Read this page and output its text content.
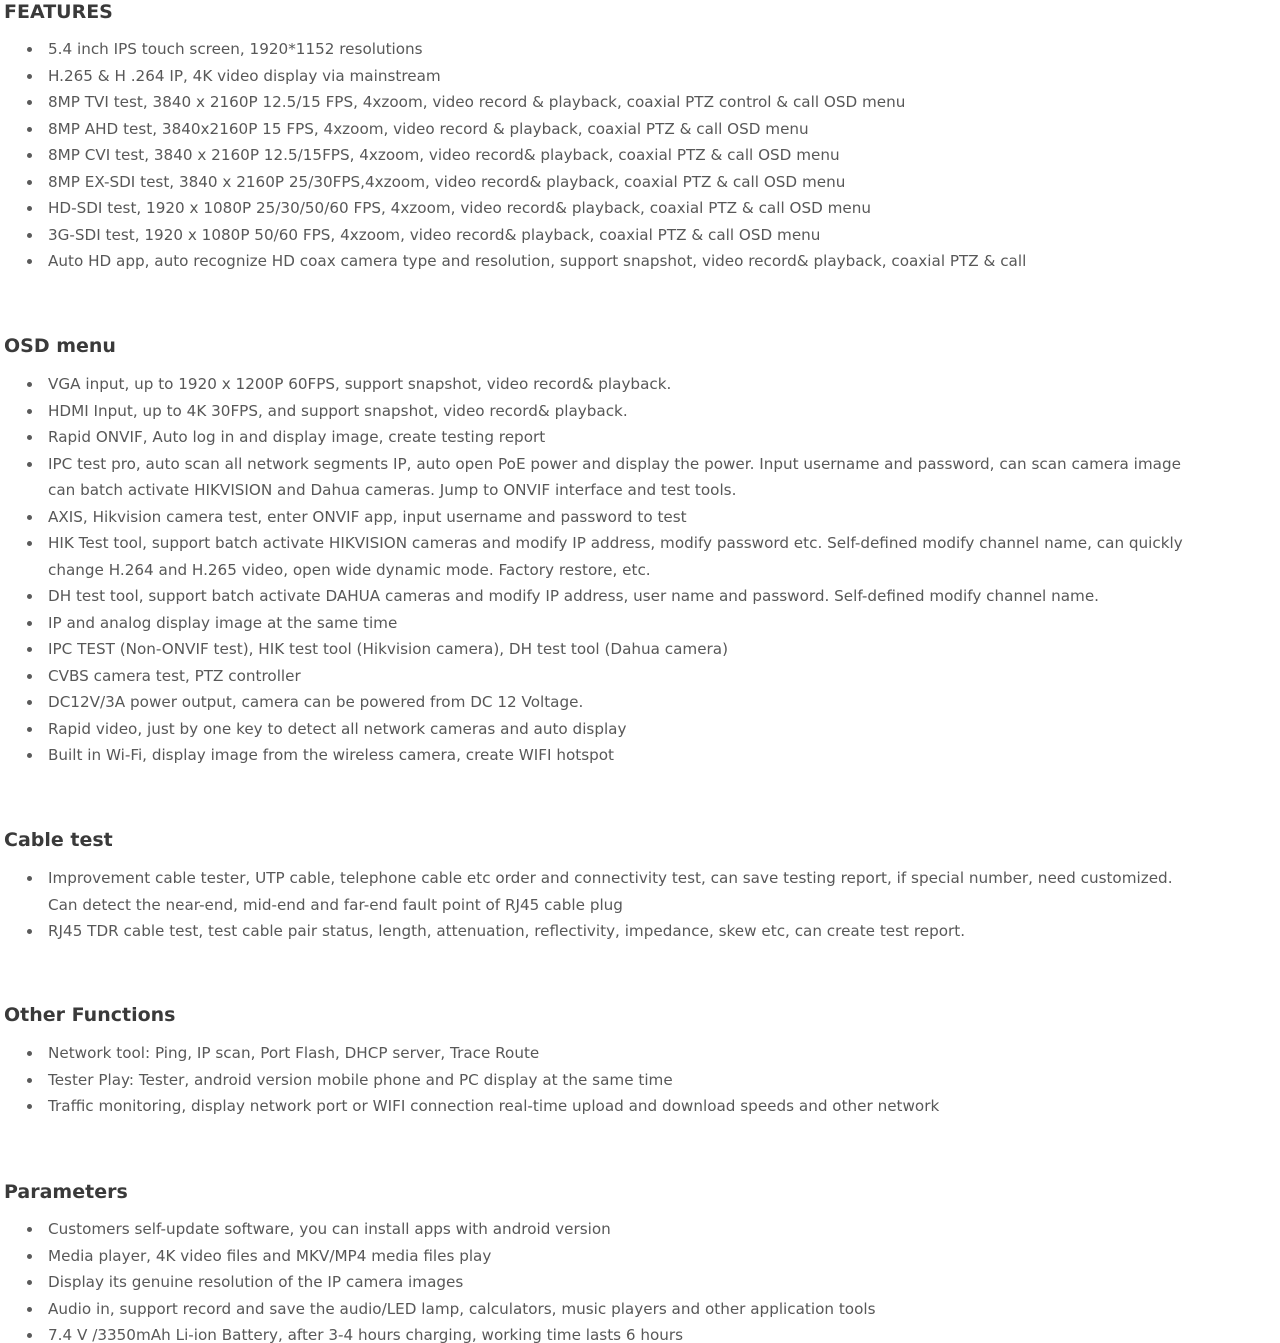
FEATURES
5.4 inch IPS touch screen, 1920*1152 resolutions
H.265 & H .264 IP, 4K video display via mainstream
8MP TVI test, 3840 x 2160P 12.5/15 FPS, 4xzoom, video record & playback, coaxial PTZ control & call OSD menu
8MP AHD test, 3840x2160P 15 FPS, 4xzoom, video record & playback, coaxial PTZ & call OSD menu
8MP CVI test, 3840 x 2160P 12.5/15FPS, 4xzoom, video record& playback, coaxial PTZ & call OSD menu
8MP EX-SDI test, 3840 x 2160P 25/30FPS,4xzoom, video record& playback, coaxial PTZ & call OSD menu
HD-SDI test, 1920 x 1080P 25/30/50/60 FPS, 4xzoom, video record& playback, coaxial PTZ & call OSD menu
3G-SDI test, 1920 x 1080P 50/60 FPS, 4xzoom, video record& playback, coaxial PTZ & call OSD menu
Auto HD app, auto recognize HD coax camera type and resolution, support snapshot, video record& playback, coaxial PTZ & call
OSD menu
VGA input, up to 1920 x 1200P 60FPS, support snapshot, video record& playback.
HDMI Input, up to 4K 30FPS, and support snapshot, video record& playback.
Rapid ONVIF, Auto log in and display image, create testing report
IPC test pro, auto scan all network segments IP, auto open PoE power and display the power. Input username and password, can scan camera image
can batch activate HIKVISION and Dahua cameras. Jump to ONVIF interface and test tools.
AXIS, Hikvision camera test, enter ONVIF app, input username and password to test
HIK Test tool, support batch activate HIKVISION cameras and modify IP address, modify password etc. Self-defined modify channel name, can quickly
change H.264 and H.265 video, open wide dynamic mode. Factory restore, etc.
DH test tool, support batch activate DAHUA cameras and modify IP address, user name and password. Self-defined modify channel name.
IP and analog display image at the same time
IPC TEST (Non-ONVIF test), HIK test tool (Hikvision camera), DH test tool (Dahua camera)
CVBS camera test, PTZ controller
DC12V/3A power output, camera can be powered from DC 12 Voltage.
Rapid video, just by one key to detect all network cameras and auto display
Built in Wi-Fi, display image from the wireless camera, create WIFI hotspot
Cable test
Improvement cable tester, UTP cable, telephone cable etc order and connectivity test, can save testing report, if special number, need customized.
Can detect the near-end, mid-end and far-end fault point of RJ45 cable plug
RJ45 TDR cable test, test cable pair status, length, attenuation, reflectivity, impedance, skew etc, can create test report.
Other Functions
Network tool: Ping, IP scan, Port Flash, DHCP server, Trace Route
Tester Play: Tester, android version mobile phone and PC display at the same time
Traffic monitoring, display network port or WIFI connection real-time upload and download speeds and other network
Parameters
Customers self-update software, you can install apps with android version
Media player, 4K video files and MKV/MP4 media files play
Display its genuine resolution of the IP camera images
Audio in, support record and save the audio/LED lamp, calculators, music players and other application tools
7.4 V /3350mAh Li-ion Battery, after 3-4 hours charging, working time lasts 6 hours
